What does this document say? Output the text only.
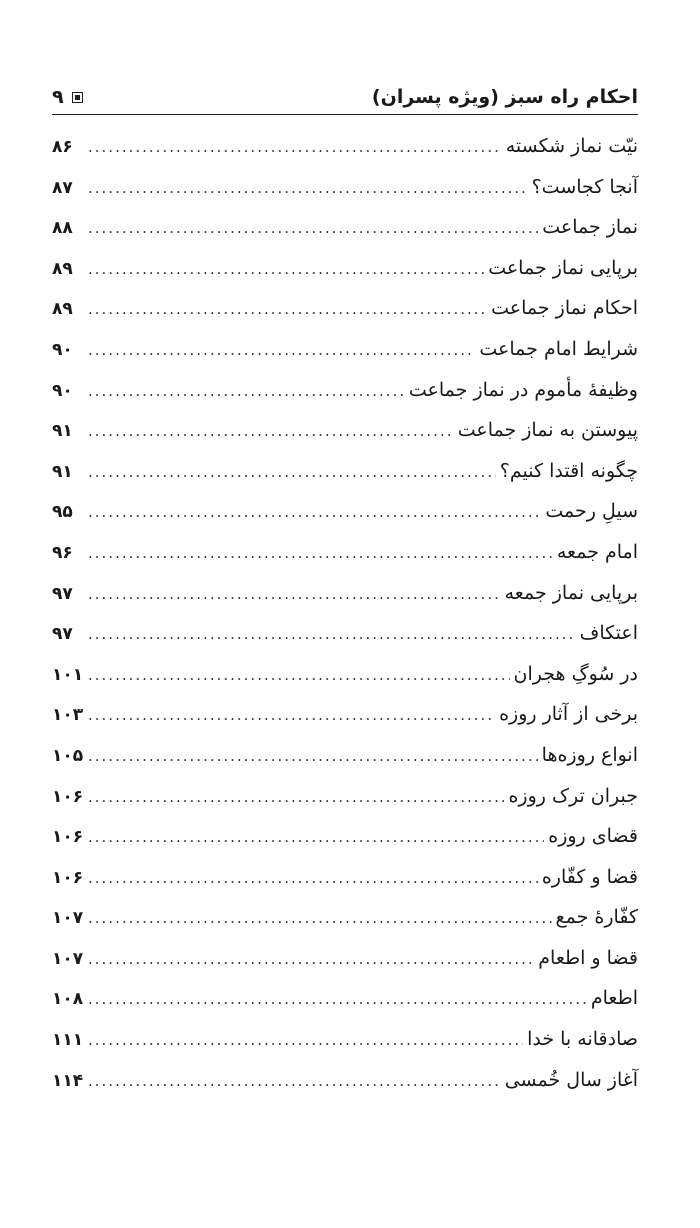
احکام راه سبز (ویژه پسران)
۹
نیّت نماز شکسته
.....
۸۶
آنجا کجاست؟
.....
۸۷
نماز جماعت
.....
۸۸
برپایی نماز جماعت
.....
۸۹
احکام نماز جماعت
.....
۸۹
شرایط امام جماعت
.....
۹۰
وظیفهٔ مأموم در نماز جماعت
.....
۹۰
پیوستن به نماز جماعت
.....
۹۱
چگونه اقتدا کنیم؟
.....
۹۱
سیلِ رحمت
.....
۹۵
امام جمعه
.....
۹۶
برپایی نماز جمعه
.....
۹۷
اعتکاف
.....
۹۷
در سُوگِ هجران
.....
۱۰۱
برخی از آثار روزه
.....
۱۰۳
انواع روزه‌ها
.....
۱۰۵
جبران ترک روزه
.....
۱۰۶
قضای روزه
.....
۱۰۶
قضا و کفّاره
.....
۱۰۶
کفّارهٔ جمع
.....
۱۰۷
قضا و اطعام
.....
۱۰۷
اطعام
.....
۱۰۸
صادقانه با خدا
.....
۱۱۱
آغاز سال خُمسی
.....
۱۱۴
